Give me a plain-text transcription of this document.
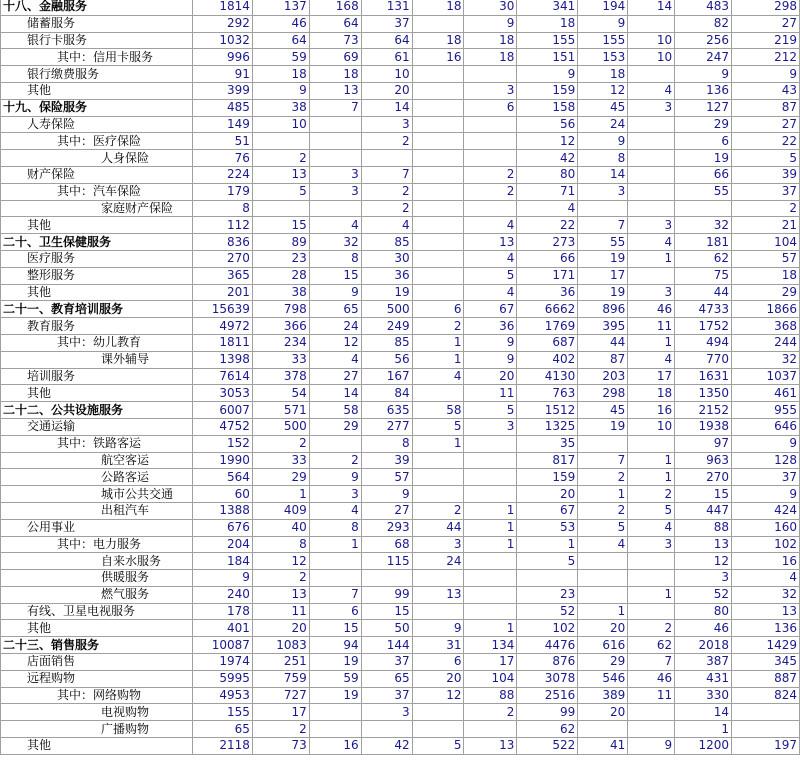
十八、金融服务	1814	137	168	131	18	30	341	194	14	483	298
储蓄服务	292	46	64	37		9	18	9		82	27
银行卡服务	1032	64	73	64	18	18	155	155	10	256	219
其中：信用卡服务	996	59	69	61	16	18	151	153	10	247	212
银行缴费服务	91	18	18	10			9	18		9	9
其他	399	9	13	20		3	159	12	4	136	43
十九、保险服务	485	38	7	14		6	158	45	3	127	87
人寿保险	149	10		3			56	24		29	27
其中：医疗保险	51			2			12	9		6	22
人身保险	76	2					42	8		19	5
财产保险	224	13	3	7		2	80	14		66	39
其中：汽车保险	179	5	3	2		2	71	3		55	37
家庭财产保险	8			2			4				2
其他	112	15	4	4		4	22	7	3	32	21
二十、卫生保健服务	836	89	32	85		13	273	55	4	181	104
医疗服务	270	23	8	30		4	66	19	1	62	57
整形服务	365	28	15	36		5	171	17		75	18
其他	201	38	9	19		4	36	19	3	44	29
二十一、教育培训服务	15639	798	65	500	6	67	6662	896	46	4733	1866
教育服务	4972	366	24	249	2	36	1769	395	11	1752	368
其中：幼儿教育	1811	234	12	85	1	9	687	44	1	494	244
课外辅导	1398	33	4	56	1	9	402	87	4	770	32
培训服务	7614	378	27	167	4	20	4130	203	17	1631	1037
其他	3053	54	14	84		11	763	298	18	1350	461
二十二、公共设施服务	6007	571	58	635	58	5	1512	45	16	2152	955
交通运输	4752	500	29	277	5	3	1325	19	10	1938	646
其中：铁路客运	152	2		8	1		35			97	9
航空客运	1990	33	2	39			817	7	1	963	128
公路客运	564	29	9	57			159	2	1	270	37
城市公共交通	60	1	3	9			20	1	2	15	9
出租汽车	1388	409	4	27	2	1	67	2	5	447	424
公用事业	676	40	8	293	44	1	53	5	4	88	160
其中：电力服务	204	8	1	68	3	1	1	4	3	13	102
自来水服务	184	12		115	24		5			12	16
供暖服务	9	2								3	4
燃气服务	240	13	7	99	13		23		1	52	32
有线、卫星电视服务	178	11	6	15			52	1		80	13
其他	401	20	15	50	9	1	102	20	2	46	136
二十三、销售服务	10087	1083	94	144	31	134	4476	616	62	2018	1429
店面销售	1974	251	19	37	6	17	876	29	7	387	345
远程购物	5995	759	59	65	20	104	3078	546	46	431	887
其中：网络购物	4953	727	19	37	12	88	2516	389	11	330	824
电视购物	155	17		3		2	99	20		14	
广播购物	65	2					62			1	
其他	2118	73	16	42	5	13	522	41	9	1200	197
